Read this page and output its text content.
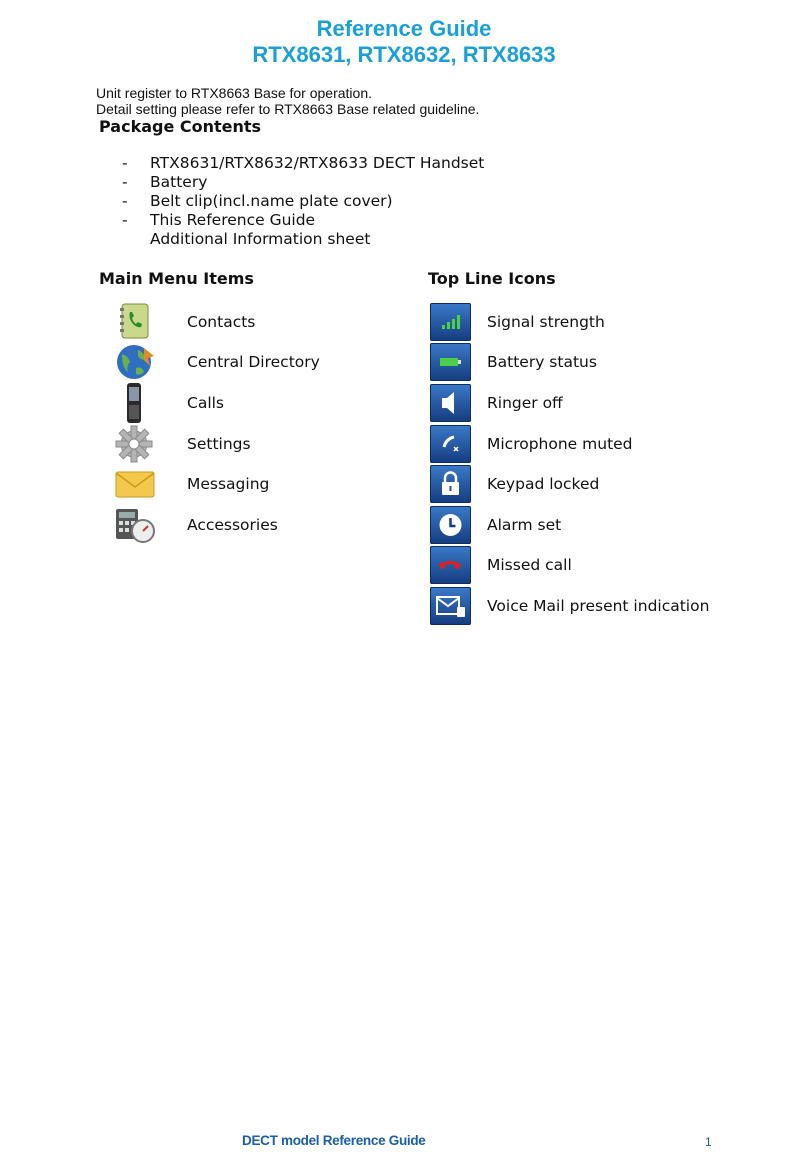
Reference Guide
RTX8631, RTX8632, RTX8633
Unit register to RTX8663 Base for operation.
Detail setting please refer to RTX8663 Base related guideline.
Package Contents
-	RTX8631/RTX8632/RTX8633 DECT Handset
-	Battery
-	Belt clip(incl.name plate cover)
-	This Reference Guide
Additional Information sheet
Main Menu Items	Top Line Icons
Contacts
Central Directory
Calls
Settings
Messaging
Accessories
Signal strength
Battery status
Ringer off
Microphone muted
Keypad locked
Alarm set
Missed call
Voice Mail present indication
DECT model Reference Guide	1
